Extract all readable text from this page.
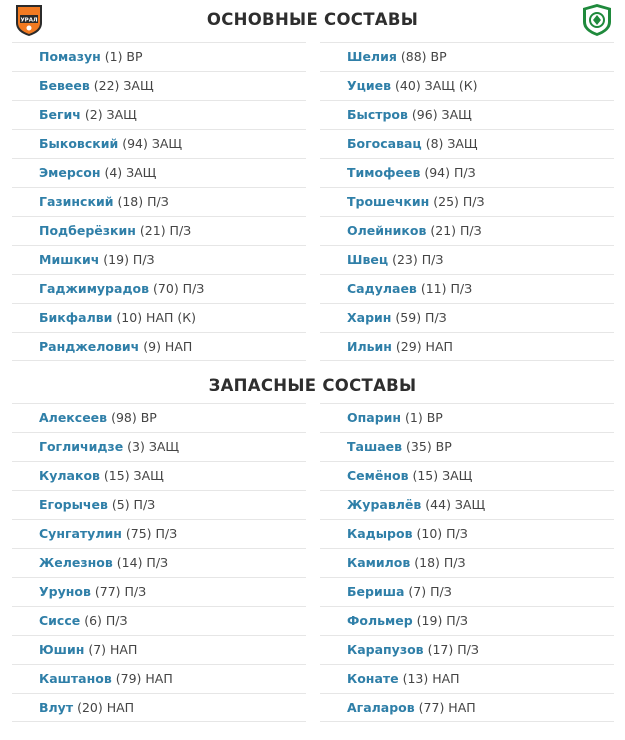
УРАЛ	ОСНОВНЫЕ СОСТАВЫ
Помазун (1) ВР
Бевеев (22) ЗАЩ
Бегич (2) ЗАЩ
Быковский (94) ЗАЩ
Эмерсон (4) ЗАЩ
Газинский (18) П/З
Подберёзкин (21) П/З
Мишкич (19) П/З
Гаджимурадов (70) П/З
Бикфалви (10) НАП (К)
Ранджелович (9) НАП
Шелия (88) ВР
Уциев (40) ЗАЩ (К)
Быстров (96) ЗАЩ
Богосавац (8) ЗАЩ
Тимофеев (94) П/З
Трошечкин (25) П/З
Олейников (21) П/З
Швец (23) П/З
Садулаев (11) П/З
Харин (59) П/З
Ильин (29) НАП
ЗАПАСНЫЕ СОСТАВЫ
Алексеев (98) ВР
Гогличидзе (3) ЗАЩ
Кулаков (15) ЗАЩ
Егорычев (5) П/З
Сунгатулин (75) П/З
Железнов (14) П/З
Урунов (77) П/З
Сиссе (6) П/З
Юшин (7) НАП
Каштанов (79) НАП
Влут (20) НАП
Опарин (1) ВР
Ташаев (35) ВР
Семёнов (15) ЗАЩ
Журавлёв (44) ЗАЩ
Кадыров (10) П/З
Камилов (18) П/З
Бериша (7) П/З
Фольмер (19) П/З
Карапузов (17) П/З
Конате (13) НАП
Агаларов (77) НАП
